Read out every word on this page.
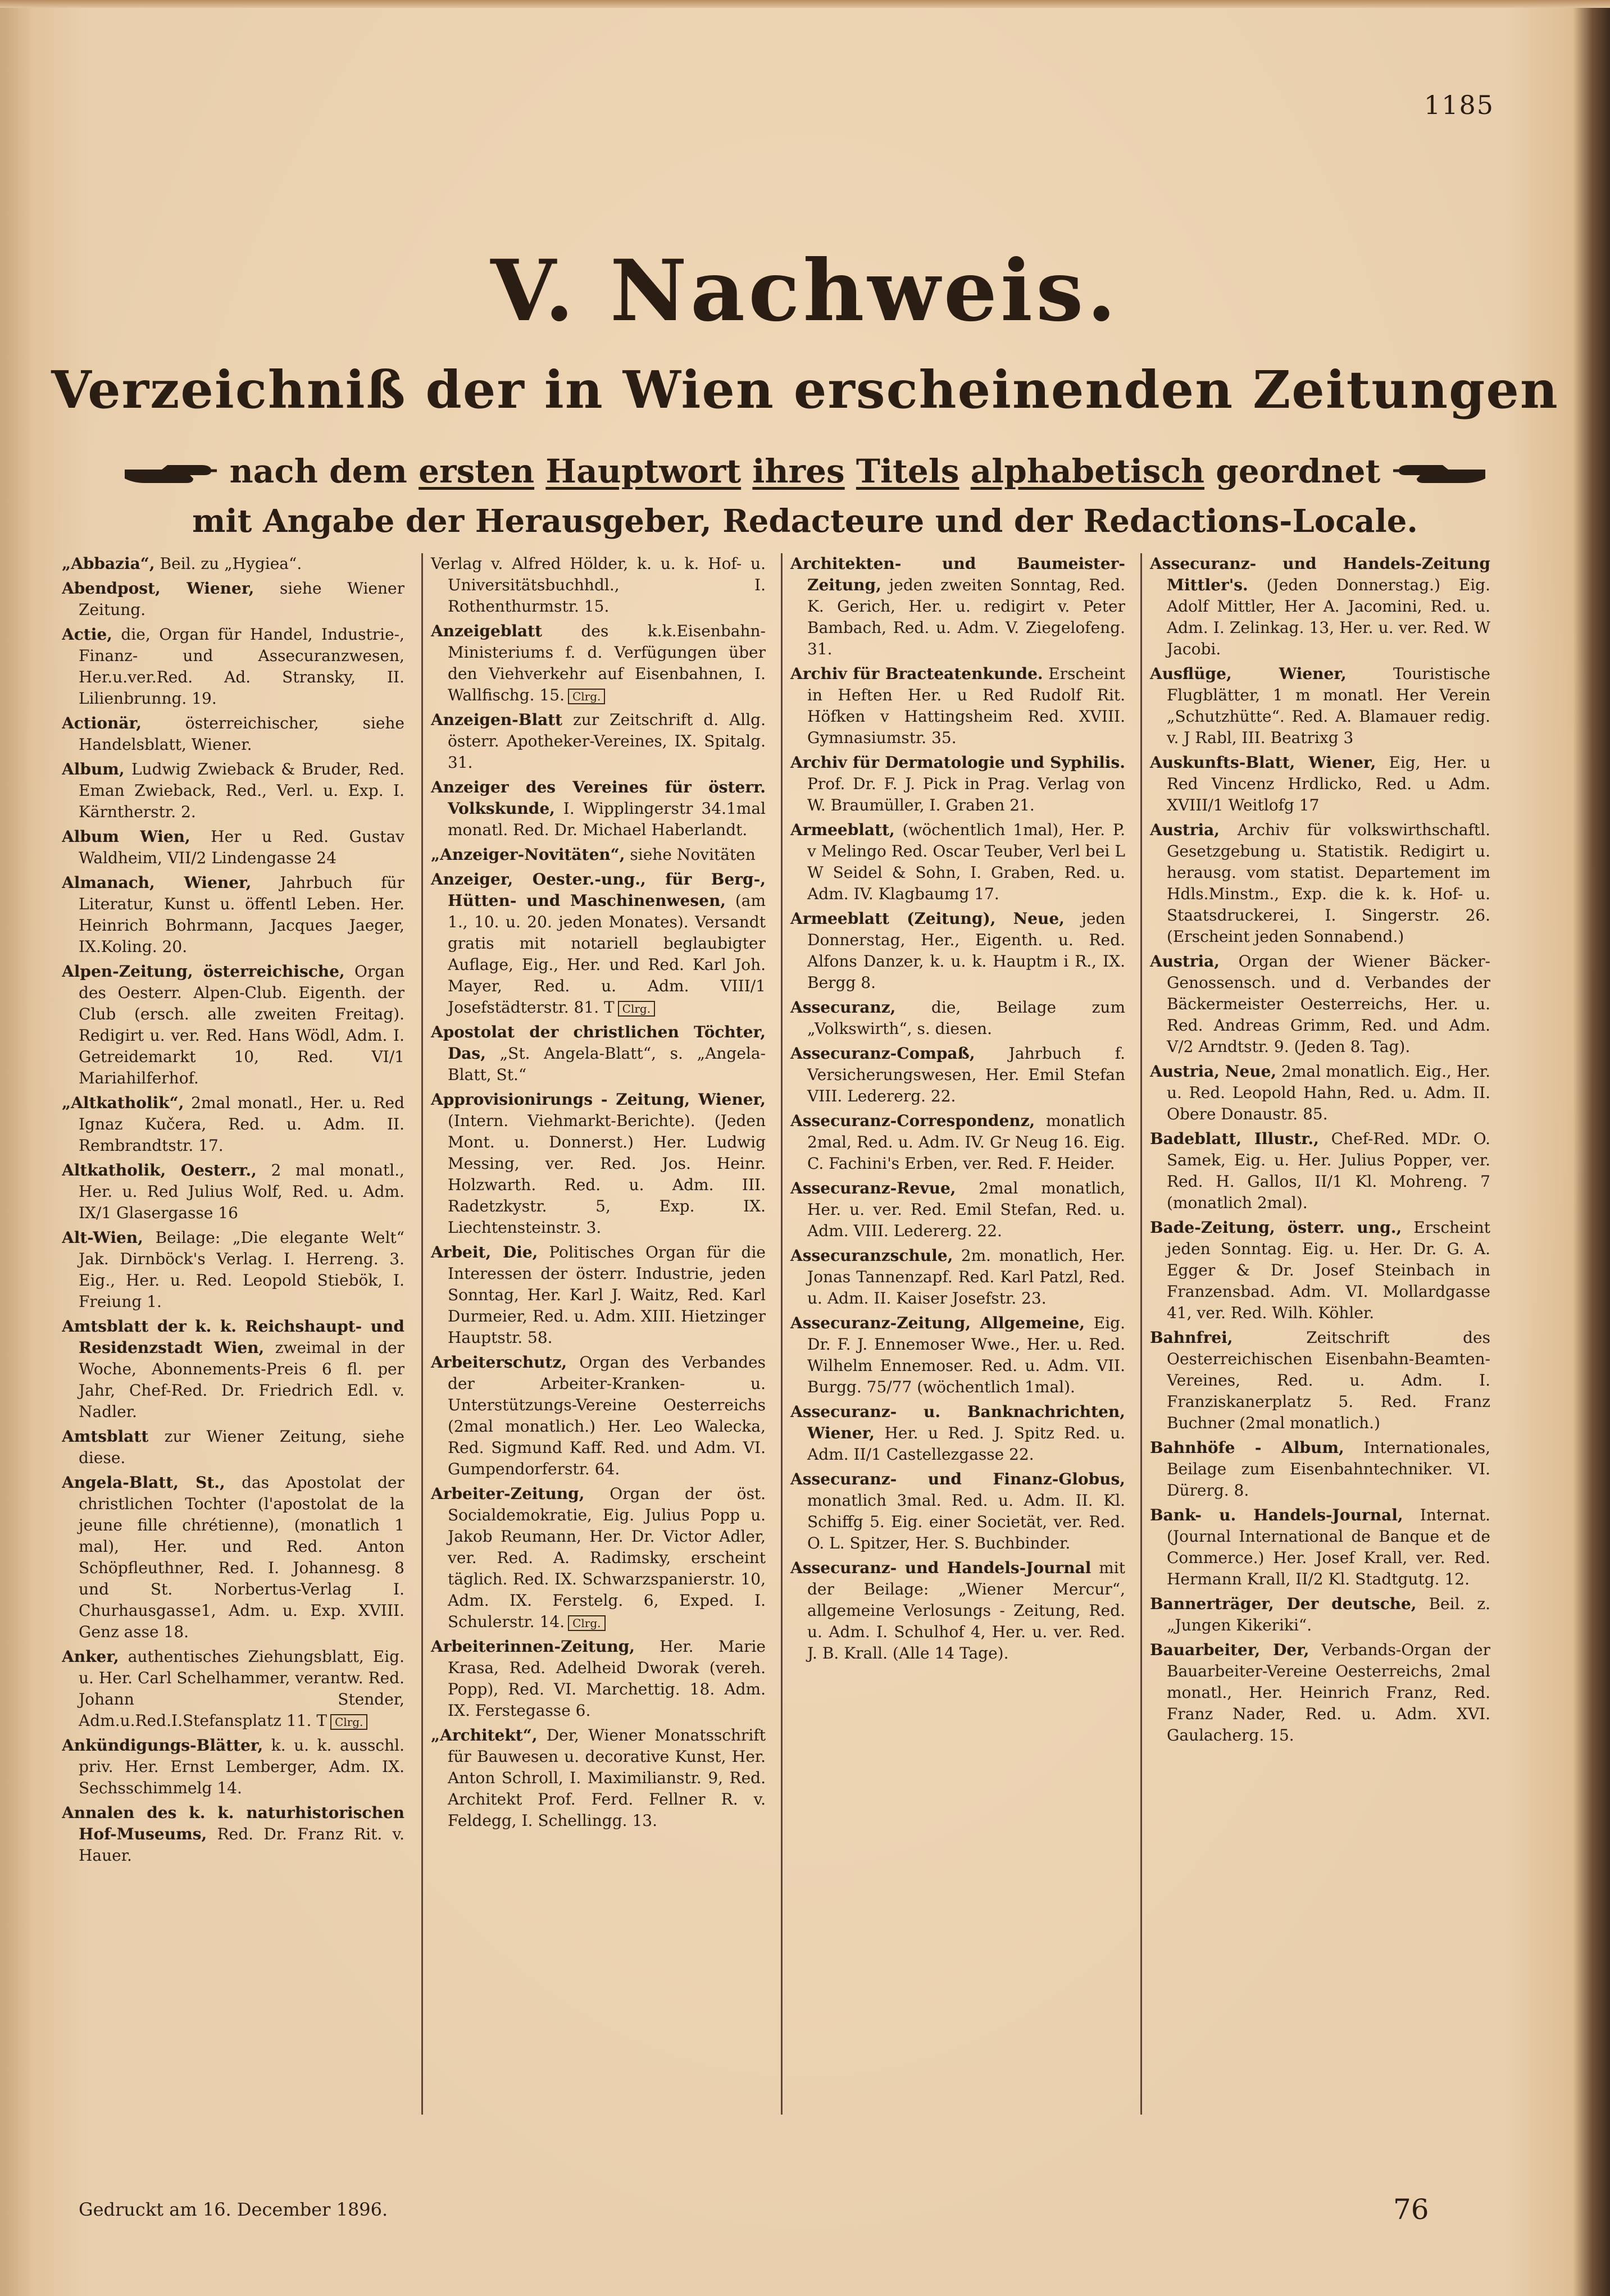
1185
V. Nachweis.
Verzeichniß der in Wien erscheinenden Zeitungen
nach dem ersten Hauptwort ihres Titels alphabetisch geordnet
mit Angabe der Herausgeber, Redacteure und der Redactions-Locale.

„Abbazia“, Beil. zu „Hygiea“.

Abendpost, Wiener, siehe Wiener Zeitung.

Actie, die, Organ für Handel, Industrie-, Finanz- und Assecuranzwesen, Her.u.ver.Red. Ad. Stransky, II. Lilienbrunng. 19.

Actionär, österreichischer, siehe Handelsblatt, Wiener.

Album, Ludwig Zwieback & Bruder, Red. Eman Zwieback, Red., Verl. u. Exp. I. Kärntherstr. 2.

Album Wien, Her u Red. Gustav Waldheim, VII/2 Lindengasse 24

Almanach, Wiener, Jahrbuch für Literatur, Kunst u. öffentl Leben. Her. Heinrich Bohrmann, Jacques Jaeger, IX.Koling. 20.

Alpen-Zeitung, österreichische, Organ des Oesterr. Alpen-Club. Eigenth. der Club (ersch. alle zweiten Freitag). Redigirt u. ver. Red. Hans Wödl, Adm. I. Getreidemarkt 10, Red. VI/1 Mariahilferhof.

„Altkatholik“, 2mal monatl., Her. u. Red Ignaz Kučera, Red. u. Adm. II. Rembrandtstr. 17.

Altkatholik, Oesterr., 2 mal monatl., Her. u. Red Julius Wolf, Red. u. Adm. IX/1 Glasergasse 16

Alt-Wien, Beilage: „Die elegante Welt“ Jak. Dirnböck's Verlag. I. Herreng. 3. Eig., Her. u. Red. Leopold Stiebök, I. Freiung 1.

Amtsblatt der k. k. Reichshaupt- und Residenzstadt Wien, zweimal in der Woche, Abonnements-Preis 6 fl. per Jahr, Chef-Red. Dr. Friedrich Edl. v. Nadler.

Amtsblatt zur Wiener Zeitung, siehe diese.

Angela-Blatt, St., das Apostolat der christlichen Tochter (l'apostolat de la jeune fille chrétienne), (monatlich 1 mal), Her. und Red. Anton Schöpfleuthner, Red. I. Johannesg. 8 und St. Norbertus-Verlag I. Churhausgasse1, Adm. u. Exp. XVIII. Genz asse 18.

Anker, authentisches Ziehungsblatt, Eig. u. Her. Carl Schelhammer, verantw. Red. Johann Stender, Adm.u.Red.I.Stefansplatz 11. T Clrg.

Ankündigungs-Blätter, k. u. k. ausschl. priv. Her. Ernst Lemberger, Adm. IX. Sechsschimmelg 14.

Annalen des k. k. naturhistorischen Hof-Museums, Red. Dr. Franz Rit. v. Hauer.

Verlag v. Alfred Hölder, k. u. k. Hof- u. Universitätsbuchhdl., I. Rothenthurmstr. 15.

Anzeigeblatt des k.k.Eisenbahn-Ministeriums f. d. Verfügungen über den Viehverkehr auf Eisenbahnen, I. Wallfischg. 15. Clrg.

Anzeigen-Blatt zur Zeitschrift d. Allg. österr. Apotheker-Vereines, IX. Spitalg. 31.

Anzeiger des Vereines für österr. Volkskunde, I. Wipplingerstr 34.1mal monatl. Red. Dr. Michael Haberlandt.

„Anzeiger-Novitäten“, siehe Novitäten

Anzeiger, Oester.-ung., für Berg-, Hütten- und Maschinenwesen, (am 1., 10. u. 20. jeden Monates). Versandt gratis mit notariell beglaubigter Auflage, Eig., Her. und Red. Karl Joh. Mayer, Red. u. Adm. VIII/1 Josefstädterstr. 81. T Clrg.

Apostolat der christlichen Töchter, Das, „St. Angela-Blatt“, s. „Angela-Blatt, St.“

Approvisionirungs - Zeitung, Wiener, (Intern. Viehmarkt-Berichte). (Jeden Mont. u. Donnerst.) Her. Ludwig Messing, ver. Red. Jos. Heinr. Holzwarth. Red. u. Adm. III. Radetzkystr. 5, Exp. IX. Liechtensteinstr. 3.

Arbeit, Die, Politisches Organ für die Interessen der österr. Industrie, jeden Sonntag, Her. Karl J. Waitz, Red. Karl Durmeier, Red. u. Adm. XIII. Hietzinger Hauptstr. 58.

Arbeiterschutz, Organ des Verbandes der Arbeiter-Kranken- u. Unterstützungs-Vereine Oesterreichs (2mal monatlich.) Her. Leo Walecka, Red. Sigmund Kaff. Red. und Adm. VI. Gumpendorferstr. 64.

Arbeiter-Zeitung, Organ der öst. Socialdemokratie, Eig. Julius Popp u. Jakob Reumann, Her. Dr. Victor Adler, ver. Red. A. Radimsky, erscheint täglich. Red. IX. Schwarzspanierstr. 10, Adm. IX. Ferstelg. 6, Exped. I. Schulerstr. 14. Clrg.

Arbeiterinnen-Zeitung, Her. Marie Krasa, Red. Adelheid Dworak (vereh. Popp), Red. VI. Marchettig. 18. Adm. IX. Ferstegasse 6.

„Architekt“, Der, Wiener Monatsschrift für Bauwesen u. decorative Kunst, Her. Anton Schroll, I. Maximilianstr. 9, Red. Architekt Prof. Ferd. Fellner R. v. Feldegg, I. Schellingg. 13.

Architekten- und Baumeister-Zeitung, jeden zweiten Sonntag, Red. K. Gerich, Her. u. redigirt v. Peter Bambach, Red. u. Adm. V. Ziegelofeng. 31.

Archiv für Bracteatenkunde. Erscheint in Heften Her. u Red Rudolf Rit. Höfken v Hattingsheim Red. XVIII. Gymnasiumstr. 35.

Archiv für Dermatologie und Syphilis. Prof. Dr. F. J. Pick in Prag. Verlag von W. Braumüller, I. Graben 21.

Armeeblatt, (wöchentlich 1mal), Her. P. v Melingo Red. Oscar Teuber, Verl bei L W Seidel & Sohn, I. Graben, Red. u. Adm. IV. Klagbaumg 17.

Armeeblatt (Zeitung), Neue, jeden Donnerstag, Her., Eigenth. u. Red. Alfons Danzer, k. u. k. Hauptm i R., IX. Bergg 8.

Assecuranz, die, Beilage zum „Volkswirth“, s. diesen.

Assecuranz-Compaß, Jahrbuch f. Versicherungswesen, Her. Emil Stefan VIII. Ledererg. 22.

Assecuranz-Correspondenz, monatlich 2mal, Red. u. Adm. IV. Gr Neug 16. Eig. C. Fachini's Erben, ver. Red. F. Heider.

Assecuranz-Revue, 2mal monatlich, Her. u. ver. Red. Emil Stefan, Red. u. Adm. VIII. Ledererg. 22.

Assecuranzschule, 2m. monatlich, Her. Jonas Tannenzapf. Red. Karl Patzl, Red. u. Adm. II. Kaiser Josefstr. 23.

Assecuranz-Zeitung, Allgemeine, Eig. Dr. F. J. Ennemoser Wwe., Her. u. Red. Wilhelm Ennemoser. Red. u. Adm. VII. Burgg. 75/77 (wöchentlich 1mal).

Assecuranz- u. Banknachrichten, Wiener, Her. u Red. J. Spitz Red. u. Adm. II/1 Castellezgasse 22.

Assecuranz- und Finanz-Globus, monatlich 3mal. Red. u. Adm. II. Kl. Schiffg 5. Eig. einer Societät, ver. Red. O. L. Spitzer, Her. S. Buchbinder.

Assecuranz- und Handels-Journal mit der Beilage: „Wiener Mercur“, allgemeine Verlosungs - Zeitung, Red. u. Adm. I. Schulhof 4, Her. u. ver. Red. J. B. Krall. (Alle 14 Tage).

Assecuranz- und Handels-Zeitung Mittler's. (Jeden Donnerstag.) Eig. Adolf Mittler, Her A. Jacomini, Red. u. Adm. I. Zelinkag. 13, Her. u. ver. Red. W Jacobi.

Ausflüge, Wiener, Touristische Flugblätter, 1 m monatl. Her Verein „Schutzhütte“. Red. A. Blamauer redig. v. J Rabl, III. Beatrixg 3

Auskunfts-Blatt, Wiener, Eig, Her. u Red Vincenz Hrdlicko, Red. u Adm. XVIII/1 Weitlofg 17

Austria, Archiv für volkswirthschaftl. Gesetzgebung u. Statistik. Redigirt u. herausg. vom statist. Departement im Hdls.Minstm., Exp. die k. k. Hof- u. Staatsdruckerei, I. Singerstr. 26. (Erscheint jeden Sonnabend.)

Austria, Organ der Wiener Bäcker-Genossensch. und d. Verbandes der Bäckermeister Oesterreichs, Her. u. Red. Andreas Grimm, Red. und Adm. V/2 Arndtstr. 9. (Jeden 8. Tag).

Austria, Neue, 2mal monatlich. Eig., Her. u. Red. Leopold Hahn, Red. u. Adm. II. Obere Donaustr. 85.

Badeblatt, Illustr., Chef-Red. MDr. O. Samek, Eig. u. Her. Julius Popper, ver. Red. H. Gallos, II/1 Kl. Mohreng. 7 (monatlich 2mal).

Bade-Zeitung, österr. ung., Erscheint jeden Sonntag. Eig. u. Her. Dr. G. A. Egger & Dr. Josef Steinbach in Franzensbad. Adm. VI. Mollardgasse 41, ver. Red. Wilh. Köhler.

Bahnfrei, Zeitschrift des Oesterreichischen Eisenbahn-Beamten-Vereines, Red. u. Adm. I. Franziskanerplatz 5. Red. Franz Buchner (2mal monatlich.)

Bahnhöfe - Album, Internationales, Beilage zum Eisenbahntechniker. VI. Dürerg. 8.

Bank- u. Handels-Journal, Internat. (Journal International de Banque et de Commerce.) Her. Josef Krall, ver. Red. Hermann Krall, II/2 Kl. Stadtgutg. 12.

Bannerträger, Der deutsche, Beil. z. „Jungen Kikeriki“.

Bauarbeiter, Der, Verbands-Organ der Bauarbeiter-Vereine Oesterreichs, 2mal monatl., Her. Heinrich Franz, Red. Franz Nader, Red. u. Adm. XVI. Gaulacherg. 15.

Gedruckt am 16. December 1896.	76
